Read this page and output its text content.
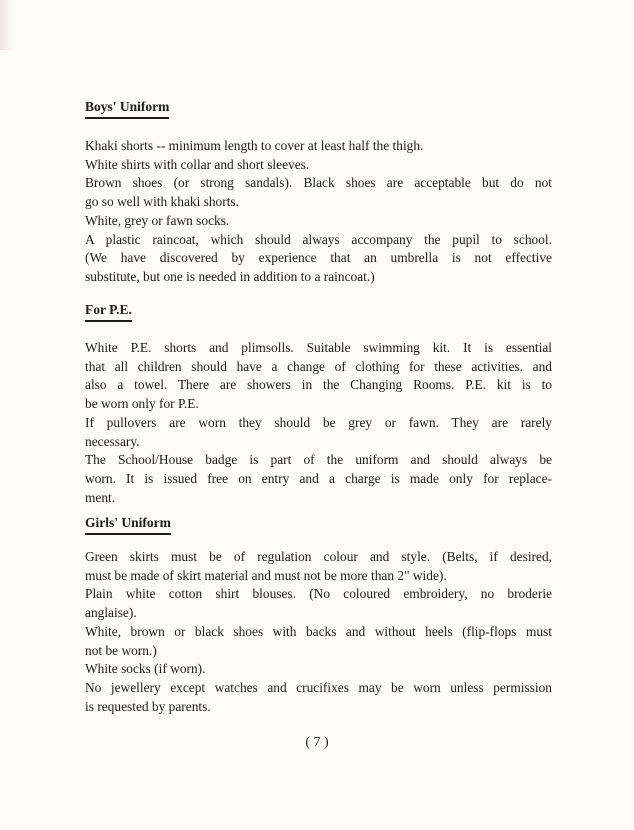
Boys' Uniform
Khaki shorts -- minimum length to cover at least half the thigh.
White shirts with collar and short sleeves.
Brown shoes (or strong sandals). Black shoes are acceptable but do not
go so well with khaki shorts.
White, grey or fawn socks.
A plastic raincoat, which should always accompany the pupil to school.
(We have discovered by experience that an umbrella is not effective
substitute, but one is needed in addition to a raincoat.)
For P.E.
White P.E. shorts and plimsolls. Suitable swimming kit. It is essential
that all children should have a change of clothing for these activities. and
also a towel. There are showers in the Changing Rooms. P.E. kit is to
be worn only for P.E.
If pullovers are worn they should be grey or fawn. They are rarely
necessary.
The School/House badge is part of the uniform and should always be
worn. It is issued free on entry and a charge is made only for replace-
ment.
Girls' Uniform
Green skirts must be of regulation colour and style. (Belts, if desired,
must be made of skirt material and must not be more than 2" wide).
Plain white cotton shirt blouses. (No coloured embroidery, no broderie
anglaise).
White, brown or black shoes with backs and without heels (flip-flops must
not be worn.)
White socks (if worn).
No jewellery except watches and crucifixes may be worn unless permission
is requested by parents.
( 7 )
